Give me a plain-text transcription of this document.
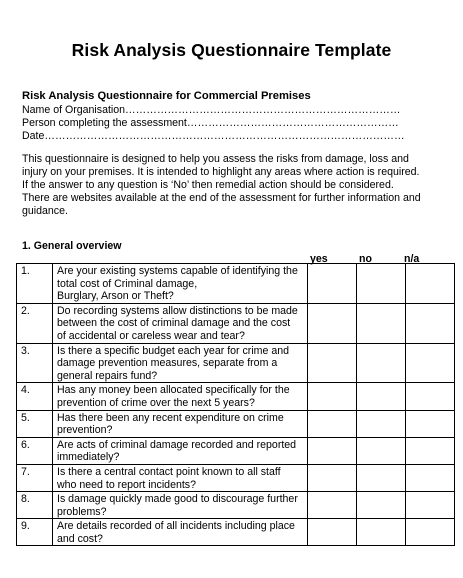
Risk Analysis Questionnaire Template
Risk Analysis Questionnaire for Commercial Premises
Name of Organisation……………………………………………………………………
Person completing the assessment……………………………………………………
Date…………………………………………………………………………………………
This questionnaire is designed to help you assess the risks from damage, loss and
injury on your premises. It is intended to highlight any areas where action is required.
If the answer to any question is ‘No’ then remedial action should be considered.
There are websites available at the end of the assessment for further information and
guidance.
1. General overview
yes	no	n/a
1.	Are your existing systems capable of identifying the
total cost of Criminal damage,
Burglary, Arson or Theft?			

2.	Do recording systems allow distinctions to be made
between the cost of criminal damage and the cost
of accidental or careless wear and tear?			

3.	Is there a specific budget each year for crime and
damage prevention measures, separate from a
general repairs fund?			

4.	Has any money been allocated specifically for the
prevention of crime over the next 5 years?			

5.	Has there been any recent expenditure on crime
prevention?			

6.	Are acts of criminal damage recorded and reported
immediately?			

7.	Is there a central contact point known to all staff
who need to report incidents?			

8.	Is damage quickly made good to discourage further
problems?			

9.	Are details recorded of all incidents including place
and cost?			
